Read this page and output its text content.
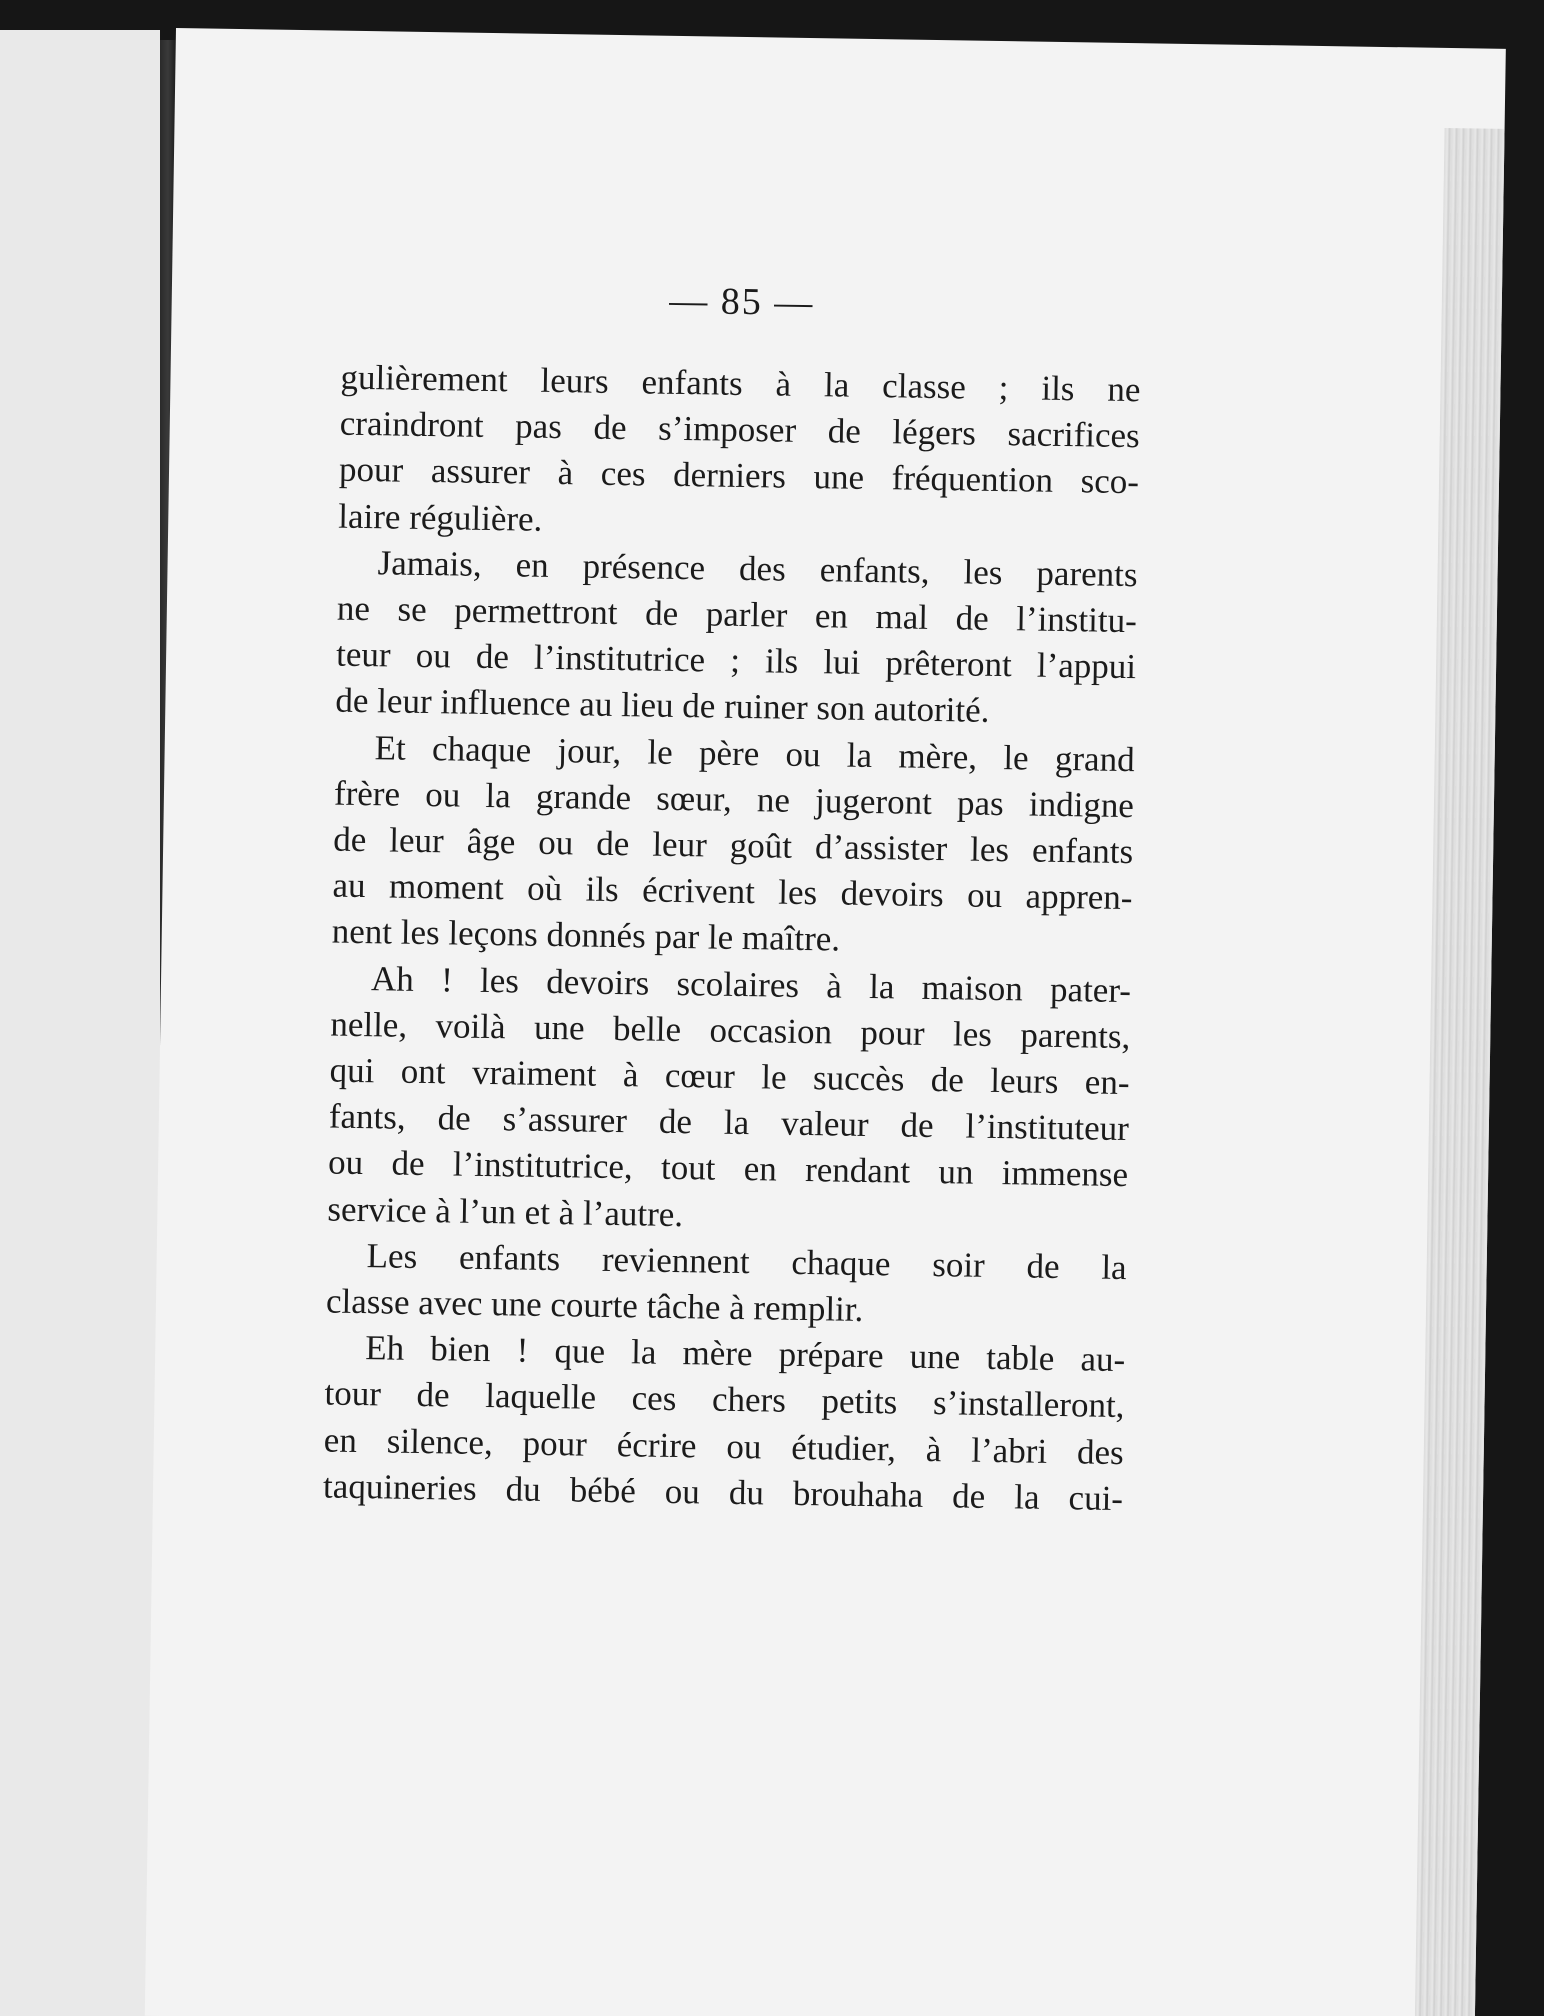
— 85 —
gulièrement leurs enfants à la classe ; ils ne
craindront pas de s’imposer de légers sacrifices
pour assurer à ces derniers une fréquention sco-
laire régulière.
Jamais, en présence des enfants, les parents
ne se permettront de parler en mal de l’institu-
teur ou de l’institutrice ; ils lui prêteront l’appui
de leur influence au lieu de ruiner son autorité.
Et chaque jour, le père ou la mère, le grand
frère ou la grande sœur, ne jugeront pas indigne
de leur âge ou de leur goût d’assister les enfants
au moment où ils écrivent les devoirs ou appren-
nent les leçons donnés par le maître.
Ah ! les devoirs scolaires à la maison pater-
nelle, voilà une belle occasion pour les parents,
qui ont vraiment à cœur le succès de leurs en-
fants, de s’assurer de la valeur de l’instituteur
ou de l’institutrice, tout en rendant un immense
service à l’un et à l’autre.
Les enfants reviennent chaque soir de la
classe avec une courte tâche à remplir.
Eh bien ! que la mère prépare une table au-
tour de laquelle ces chers petits s’installeront,
en silence, pour écrire ou étudier, à l’abri des
taquineries du bébé ou du brouhaha de la cui-
